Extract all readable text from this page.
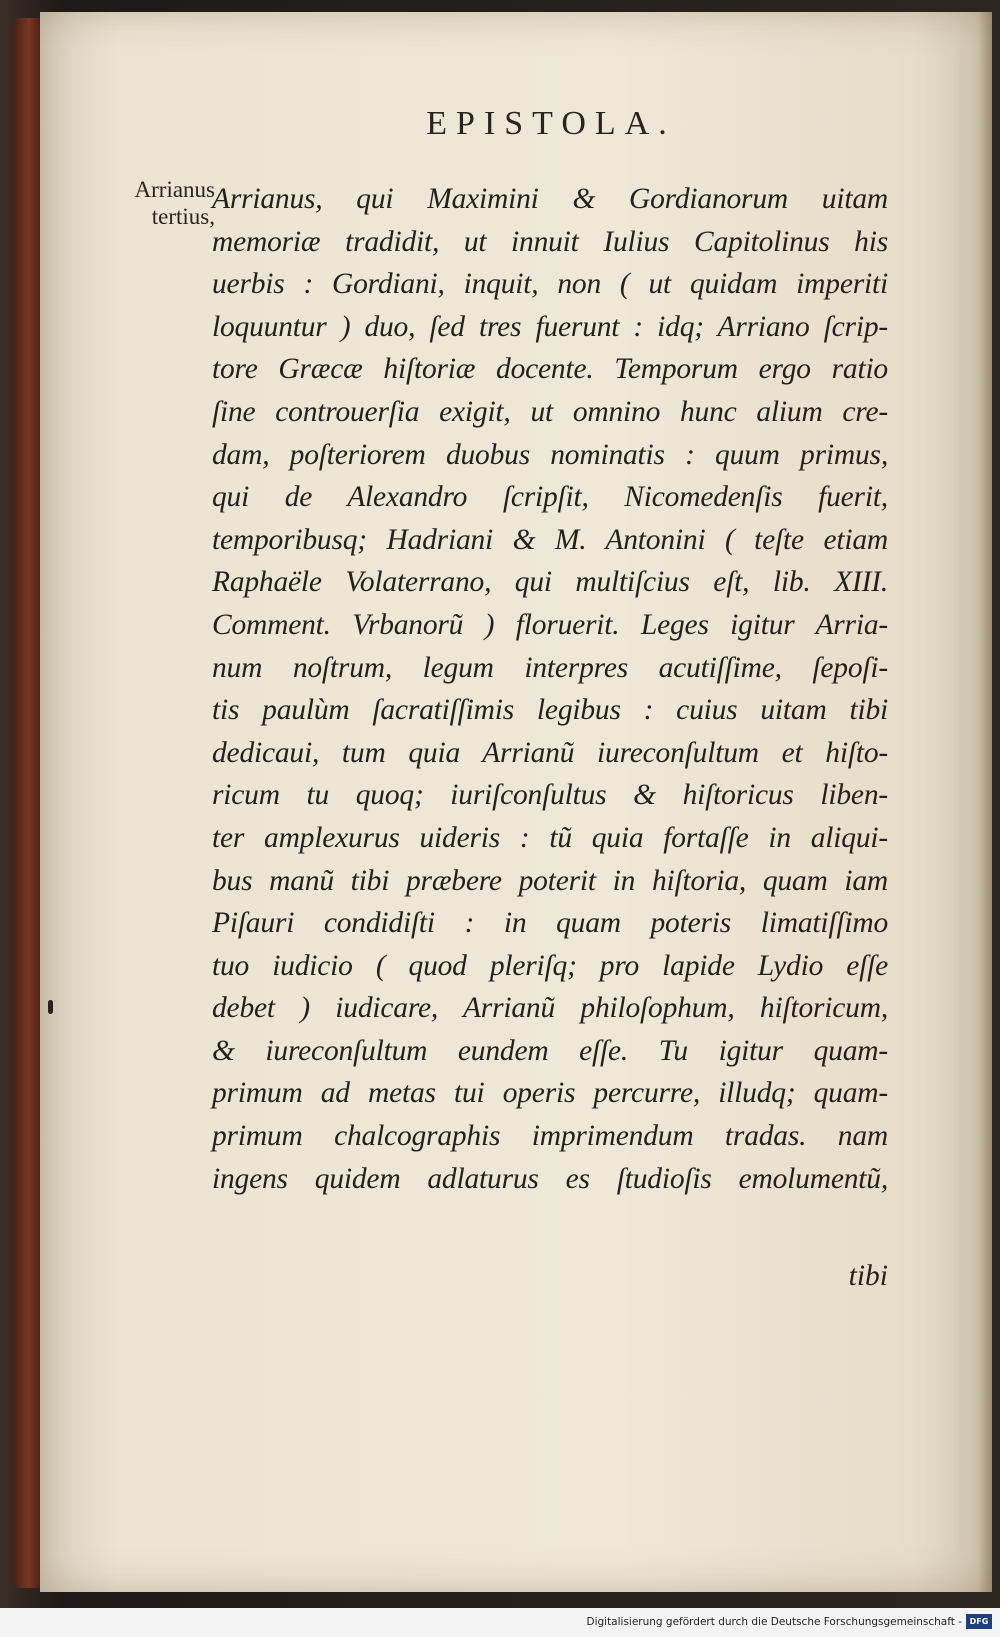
EPISTOLA.
Arrianus
tertius,
Arrianus, qui Maximini & Gordianorum uitam
memoriæ tradidit, ut innuit Iulius Capitolinus his
uerbis : Gordiani, inquit, non ( ut quidam imperiti
loquuntur ) duo, ſed tres fuerunt : idq; Arriano ſcrip-
tore Græcæ hiſtoriæ docente. Temporum ergo ratio
ſine controuerſia exigit, ut omnino hunc alium cre-
dam, poſteriorem duobus nominatis : quum primus,
qui de Alexandro ſcripſit, Nicomedenſis fuerit,
temporibusq; Hadriani & M. Antonini ( teſte etiam
Raphaële Volaterrano, qui multiſcius eſt, lib. XIII.
Comment. Vrbanorũ ) floruerit. Leges igitur Arria-
num noſtrum, legum interpres acutiſſime, ſepoſi-
tis paulùm ſacratiſſimis legibus : cuius uitam tibi
dedicaui, tum quia Arrianũ iureconſultum et hiſto-
ricum tu quoq; iuriſconſultus & hiſtoricus liben-
ter amplexurus uideris : tũ quia fortaſſe in aliqui-
bus manũ tibi præbere poterit in hiſtoria, quam iam
Piſauri condidiſti : in quam poteris limatiſſimo
tuo iudicio ( quod pleriſq; pro lapide Lydio eſſe
debet ) iudicare, Arrianũ philoſophum, hiſtoricum,
& iureconſultum eundem eſſe. Tu igitur quam-
primum ad metas tui operis percurre, illudq; quam-
primum chalcographis imprimendum tradas. nam
ingens quidem adlaturus es ſtudioſis emolumentũ,
tibi
Digitalisierung gefördert durch die Deutsche Forschungsgemeinschaft - DFG
